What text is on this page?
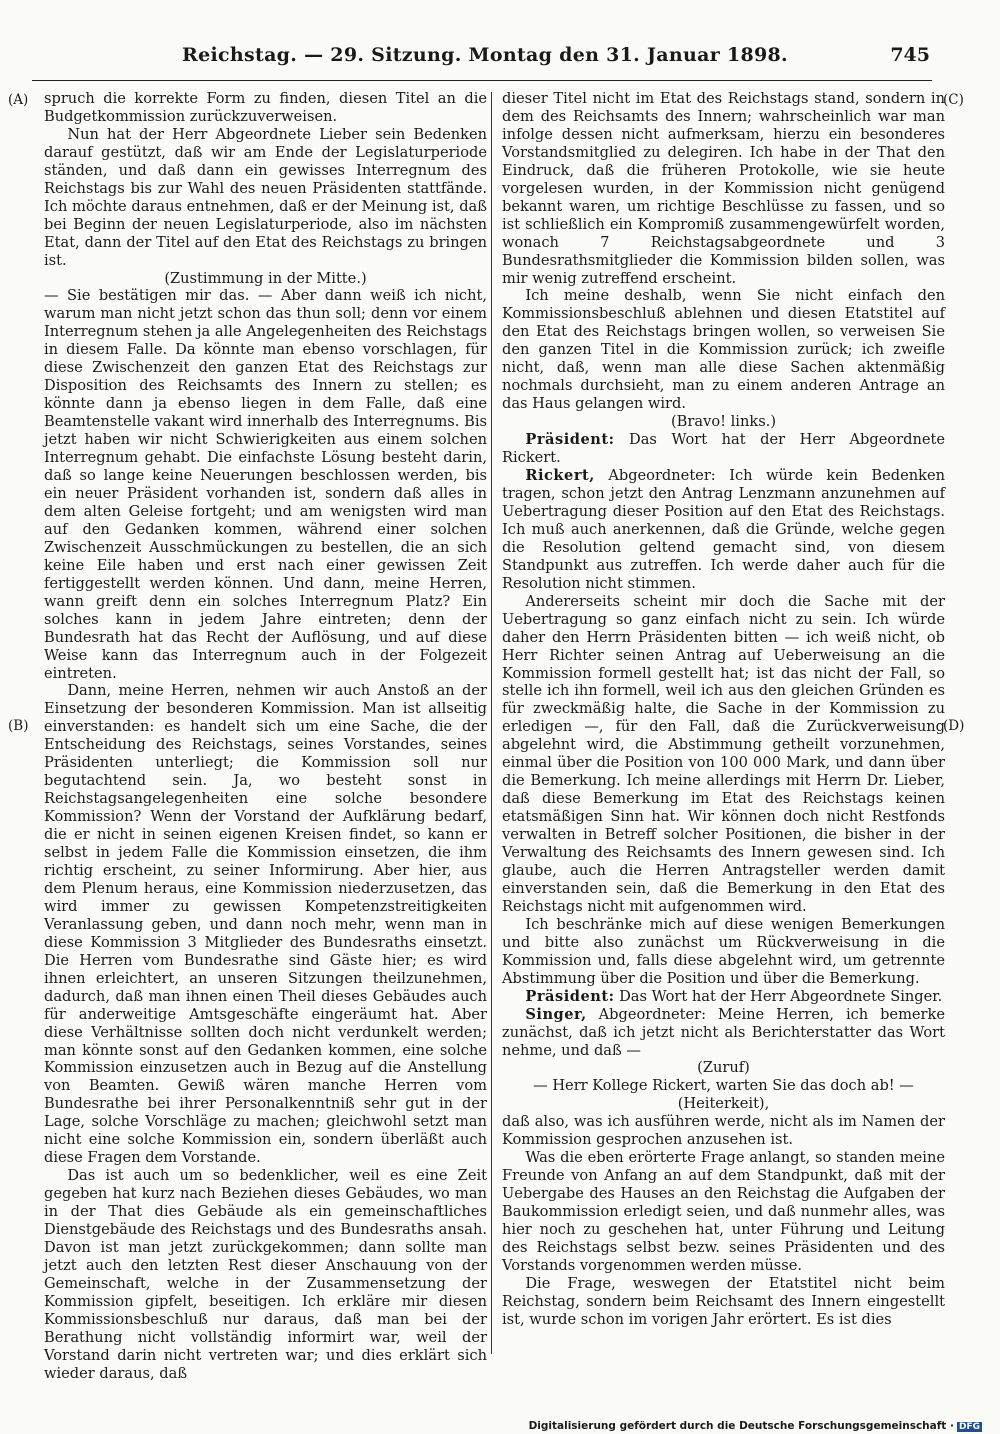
Reichstag. — 29. Sitzung. Montag den 31. Januar 1898.	745
(A)
(B)
(C)
(D)

spruch die korrekte Form zu finden, diesen Titel an die Budgetkommission zurückzuverweisen.

Nun hat der Herr Abgeordnete Lieber sein Bedenken darauf gestützt, daß wir am Ende der Legislaturperiode ständen, und daß dann ein gewisses Interregnum des Reichstags bis zur Wahl des neuen Präsidenten stattfände. Ich möchte daraus entnehmen, daß er der Meinung ist, daß bei Beginn der neuen Legislaturperiode, also im nächsten Etat, dann der Titel auf den Etat des Reichstags zu bringen ist.

(Zustimmung in der Mitte.)

— Sie bestätigen mir das. — Aber dann weiß ich nicht, warum man nicht jetzt schon das thun soll; denn vor einem Interregnum stehen ja alle Angelegenheiten des Reichstags in diesem Falle. Da könnte man ebenso vorschlagen, für diese Zwischenzeit den ganzen Etat des Reichstags zur Disposition des Reichsamts des Innern zu stellen; es könnte dann ja ebenso liegen in dem Falle, daß eine Beamtenstelle vakant wird innerhalb des Interregnums. Bis jetzt haben wir nicht Schwierigkeiten aus einem solchen Interregnum gehabt. Die einfachste Lösung besteht darin, daß so lange keine Neuerungen beschlossen werden, bis ein neuer Präsident vorhanden ist, sondern daß alles in dem alten Geleise fortgeht; und am wenigsten wird man auf den Gedanken kommen, während einer solchen Zwischenzeit Ausschmückungen zu bestellen, die an sich keine Eile haben und erst nach einer gewissen Zeit fertiggestellt werden können. Und dann, meine Herren, wann greift denn ein solches Interregnum Platz? Ein solches kann in jedem Jahre eintreten; denn der Bundesrath hat das Recht der Auflösung, und auf diese Weise kann das Interregnum auch in der Folgezeit eintreten.

Dann, meine Herren, nehmen wir auch Anstoß an der Einsetzung der besonderen Kommission. Man ist allseitig einverstanden: es handelt sich um eine Sache, die der Entscheidung des Reichstags, seines Vorstandes, seines Präsidenten unterliegt; die Kommission soll nur begutachtend sein. Ja, wo besteht sonst in Reichstagsangelegenheiten eine solche besondere Kommission? Wenn der Vorstand der Aufklärung bedarf, die er nicht in seinen eigenen Kreisen findet, so kann er selbst in jedem Falle die Kommission einsetzen, die ihm richtig erscheint, zu seiner Informirung. Aber hier, aus dem Plenum heraus, eine Kommission niederzusetzen, das wird immer zu gewissen Kompetenzstreitigkeiten Veranlassung geben, und dann noch mehr, wenn man in diese Kommission 3 Mitglieder des Bundesraths einsetzt. Die Herren vom Bundesrathe sind Gäste hier; es wird ihnen erleichtert, an unseren Sitzungen theilzunehmen, dadurch, daß man ihnen einen Theil dieses Gebäudes auch für anderweitige Amtsgeschäfte eingeräumt hat. Aber diese Verhältnisse sollten doch nicht verdunkelt werden; man könnte sonst auf den Gedanken kommen, eine solche Kommission einzusetzen auch in Bezug auf die Anstellung von Beamten. Gewiß wären manche Herren vom Bundesrathe bei ihrer Personalkenntniß sehr gut in der Lage, solche Vorschläge zu machen; gleichwohl setzt man nicht eine solche Kommission ein, sondern überläßt auch diese Fragen dem Vorstande.

Das ist auch um so bedenklicher, weil es eine Zeit gegeben hat kurz nach Beziehen dieses Gebäudes, wo man in der That dies Gebäude als ein gemeinschaftliches Dienstgebäude des Reichstags und des Bundesraths ansah. Davon ist man jetzt zurückgekommen; dann sollte man jetzt auch den letzten Rest dieser Anschauung von der Gemeinschaft, welche in der Zusammensetzung der Kommission gipfelt, beseitigen. Ich erkläre mir diesen Kommissionsbeschluß nur daraus, daß man bei der Berathung nicht vollständig informirt war, weil der Vorstand darin nicht vertreten war; und dies erklärt sich wieder daraus, daß

dieser Titel nicht im Etat des Reichstags stand, sondern in dem des Reichsamts des Innern; wahrscheinlich war man infolge dessen nicht aufmerksam, hierzu ein besonderes Vorstandsmitglied zu delegiren. Ich habe in der That den Eindruck, daß die früheren Protokolle, wie sie heute vorgelesen wurden, in der Kommission nicht genügend bekannt waren, um richtige Beschlüsse zu fassen, und so ist schließlich ein Kompromiß zusammengewürfelt worden, wonach 7 Reichstagsabgeordnete und 3 Bundesrathsmitglieder die Kommission bilden sollen, was mir wenig zutreffend erscheint.

Ich meine deshalb, wenn Sie nicht einfach den Kommissionsbeschluß ablehnen und diesen Etatstitel auf den Etat des Reichstags bringen wollen, so verweisen Sie den ganzen Titel in die Kommission zurück; ich zweifle nicht, daß, wenn man alle diese Sachen aktenmäßig nochmals durchsieht, man zu einem anderen Antrage an das Haus gelangen wird.

(Bravo! links.)

Präsident: Das Wort hat der Herr Abgeordnete Rickert.

Rickert, Abgeordneter: Ich würde kein Bedenken tragen, schon jetzt den Antrag Lenzmann anzunehmen auf Uebertragung dieser Position auf den Etat des Reichstags. Ich muß auch anerkennen, daß die Gründe, welche gegen die Resolution geltend gemacht sind, von diesem Standpunkt aus zutreffen. Ich werde daher auch für die Resolution nicht stimmen.

Andererseits scheint mir doch die Sache mit der Uebertragung so ganz einfach nicht zu sein. Ich würde daher den Herrn Präsidenten bitten — ich weiß nicht, ob Herr Richter seinen Antrag auf Ueberweisung an die Kommission formell gestellt hat; ist das nicht der Fall, so stelle ich ihn formell, weil ich aus den gleichen Gründen es für zweckmäßig halte, die Sache in der Kommission zu erledigen —, für den Fall, daß die Zurückverweisung abgelehnt wird, die Abstimmung getheilt vorzunehmen, einmal über die Position von 100 000 Mark, und dann über die Bemerkung. Ich meine allerdings mit Herrn Dr. Lieber, daß diese Bemerkung im Etat des Reichstags keinen etatsmäßigen Sinn hat. Wir können doch nicht Restfonds verwalten in Betreff solcher Positionen, die bisher in der Verwaltung des Reichsamts des Innern gewesen sind. Ich glaube, auch die Herren Antragsteller werden damit einverstanden sein, daß die Bemerkung in den Etat des Reichstags nicht mit aufgenommen wird.

Ich beschränke mich auf diese wenigen Bemerkungen und bitte also zunächst um Rückverweisung in die Kommission und, falls diese abgelehnt wird, um getrennte Abstimmung über die Position und über die Bemerkung.

Präsident: Das Wort hat der Herr Abgeordnete Singer.

Singer, Abgeordneter: Meine Herren, ich bemerke zunächst, daß ich jetzt nicht als Berichterstatter das Wort nehme, und daß —

(Zuruf)

— Herr Kollege Rickert, warten Sie das doch ab! —

(Heiterkeit),

daß also, was ich ausführen werde, nicht als im Namen der Kommission gesprochen anzusehen ist.

Was die eben erörterte Frage anlangt, so standen meine Freunde von Anfang an auf dem Standpunkt, daß mit der Uebergabe des Hauses an den Reichstag die Aufgaben der Baukommission erledigt seien, und daß nunmehr alles, was hier noch zu geschehen hat, unter Führung und Leitung des Reichstags selbst bezw. seines Präsidenten und des Vorstands vorgenommen werden müsse.

Die Frage, weswegen der Etatstitel nicht beim Reichstag, sondern beim Reichsamt des Innern eingestellt ist, wurde schon im vorigen Jahr erörtert. Es ist dies

Digitalisierung gefördert durch die Deutsche Forschungsgemeinschaft · DFG
